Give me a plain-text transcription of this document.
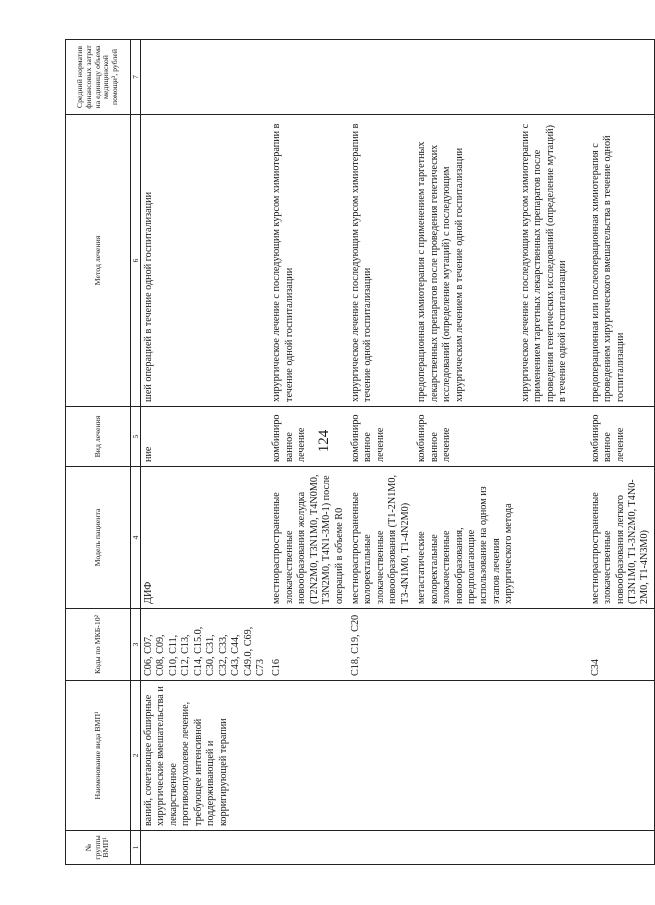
124
№ группы ВМП¹	Наименование вида ВМП¹	Коды по МКБ-10²	Модель пациента	Вид лечения	Метод лечения	Средний норматив финансовых затрат на единицу объема медицинской помощи³, рублей
1	2	3	4	5	6	7
	ваний, сочетающее обширные хирургические вмешательства и лекарственное противоопухолевое лечение, требующее интенсивной поддерживающей и корригирующей терапии	C06, C07, C08, C09, C10, C11, C12, C13, C14, C15.0, C30, C31, C32, C33, C43, C44, C49.0, C69, C73	ДИФ	ние	шей операцией в течение одной госпитализации	
		C16	местнораспространенные злокачественные новообразования желудка (T2N2M0, T3N1M0, T4N0M0, T3N2M0, T4N1-3M0-1) после операций в объеме R0	комбинированное лечение	хирургическое лечение с последующим курсом химиотерапии в течение одной госпитализации	
		C18, C19, C20	местнораспространенные колоректальные злокачественные новообразования (T1-2N1M0, T3-4N1M0, T1-4N2M0)	комбинированное лечение	хирургическое лечение с последующим курсом химиотерапии в течение одной госпитализации	
			метастатические колоректальные злокачественные новообразования, предполагающие использование на одном из этапов лечения хирургического метода	комбинированное лечение	предоперационная химиотерапия с применением таргетных лекарственных препаратов после проведения генетических исследований (определение мутаций) с последующим хирургическим лечением в течение одной госпитализации	
					хирургическое лечение с последующим курсом химиотерапии с применением таргетных лекарственных препаратов после проведения генетических исследований (определение мутаций) в течение одной госпитализации	
		C34	местнораспространенные злокачественные новообразования легкого (T3N1M0, T1-3N2M0, T4N0-2M0, T1-4N3M0)	комбинированное лечение	предоперационная или послеоперационная химиотерапия с проведением хирургического вмешательства в течение одной госпитализации	
